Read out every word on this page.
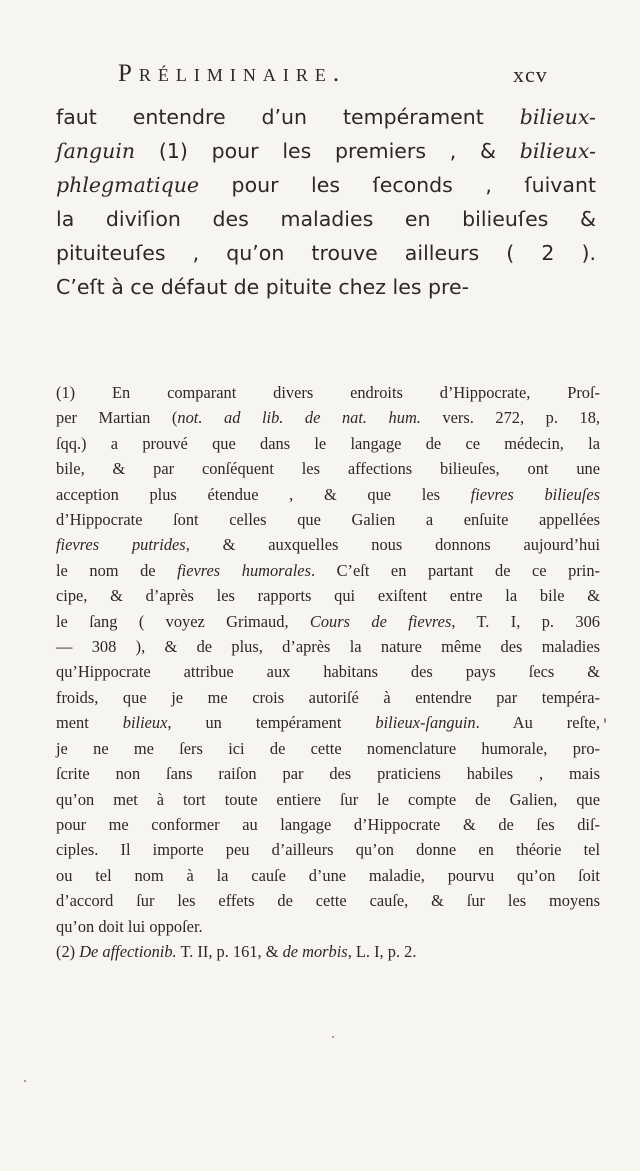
Préliminaire.	xcv
faut entendre d’un tempérament bilieux-
ſanguin (1) pour les premiers , & bilieux-
phlegmatique pour les ſeconds , ſuivant
la diviſion des maladies en bilieuſes &
pituiteuſes , qu’on trouve ailleurs ( 2 ).
C’eſt à ce défaut de pituite chez les pre-
(1) En comparant divers endroits d’Hippocrate, Proſ-
per Martian (not. ad lib. de nat. hum. vers. 272, p. 18,
ſqq.) a prouvé que dans le langage de ce médecin, la
bile, & par conſéquent les affections bilieuſes, ont une
acception plus étendue , & que les fievres bilieuſes
d’Hippocrate ſont celles que Galien a enſuite appellées
fievres putrides, & auxquelles nous donnons aujourd’hui
le nom de fievres humorales. C’eſt en partant de ce prin-
cipe, & d’après les rapports qui exiſtent entre la bile &
le ſang ( voyez Grimaud, Cours de fievres, T. I, p. 306
— 308 ), & de plus, d’après la nature même des maladies
qu’Hippocrate attribue aux habitans des pays ſecs &
froids, que je me crois autoriſé à entendre par tempéra-
ment bilieux, un tempérament bilieux-ſanguin. Au reſte,
je ne me ſers ici de cette nomenclature humorale, pro-
ſcrite non ſans raiſon par des praticiens habiles , mais
qu’on met à tort toute entiere ſur le compte de Galien, que
pour me conformer au langage d’Hippocrate & de ſes diſ-
ciples. Il importe peu d’ailleurs qu’on donne en théorie tel
ou tel nom à la cauſe d’une maladie, pourvu qu’on ſoit
d’accord ſur les effets de cette cauſe, & ſur les moyens
qu’on doit lui oppoſer.
(2) De affectionib. T. II, p. 161, & de morbis, L. I, p. 2.
